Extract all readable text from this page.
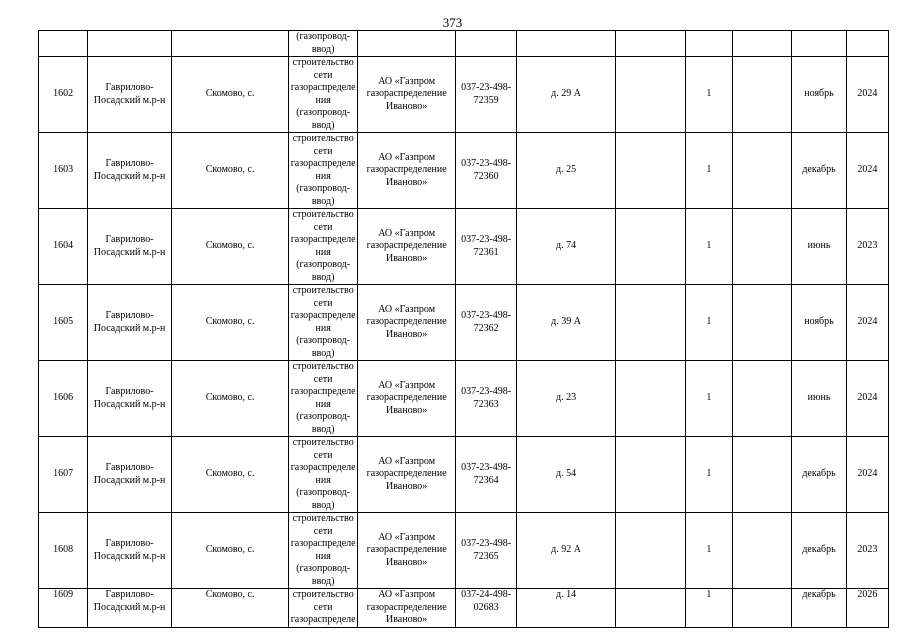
373
			(газопровод-ввод)								
1602	Гаврилово-Посадский м.р-н	Скомово, с.	строительство сети газораспределения (газопровод-ввод)	АО «Газпром газораспределение Иваново»	037-23-498-72359	д. 29 А		1		ноябрь	2024
1603	Гаврилово-Посадский м.р-н	Скомово, с.	строительство сети газораспределения (газопровод-ввод)	АО «Газпром газораспределение Иваново»	037-23-498-72360	д. 25		1		декабрь	2024
1604	Гаврилово-Посадский м.р-н	Скомово, с.	строительство сети газораспределения (газопровод-ввод)	АО «Газпром газораспределение Иваново»	037-23-498-72361	д. 74		1		июнь	2023
1605	Гаврилово-Посадский м.р-н	Скомово, с.	строительство сети газораспределения (газопровод-ввод)	АО «Газпром газораспределение Иваново»	037-23-498-72362	д. 39 А		1		ноябрь	2024
1606	Гаврилово-Посадский м.р-н	Скомово, с.	строительство сети газораспределения (газопровод-ввод)	АО «Газпром газораспределение Иваново»	037-23-498-72363	д. 23		1		июнь	2024
1607	Гаврилово-Посадский м.р-н	Скомово, с.	строительство сети газораспределения (газопровод-ввод)	АО «Газпром газораспределение Иваново»	037-23-498-72364	д. 54		1		декабрь	2024
1608	Гаврилово-Посадский м.р-н	Скомово, с.	строительство сети газораспределения (газопровод-ввод)	АО «Газпром газораспределение Иваново»	037-23-498-72365	д. 92 А		1		декабрь	2023
1609	Гаврилово-Посадский м.р-н	Скомово, с.	строительство сети газораспределе	АО «Газпром газораспределение Иваново»	037-24-498-02683	д. 14		1		декабрь	2026
